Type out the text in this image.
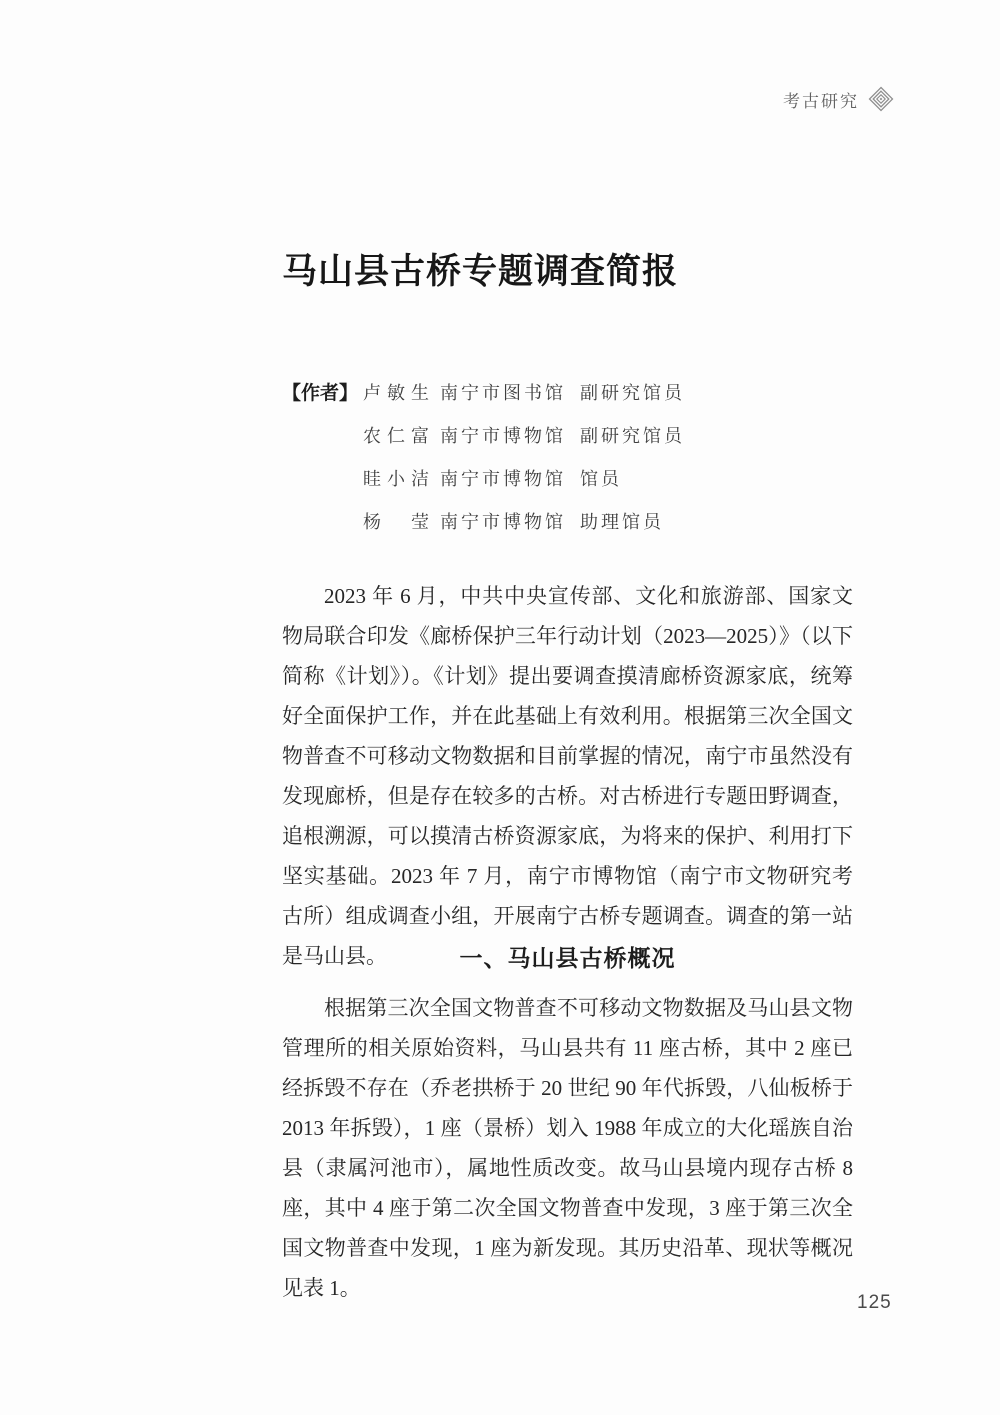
考古研究
马山县古桥专题调查简报
【作者】 卢敏生 南宁市图书馆 副研究馆员
农仁富 南宁市博物馆 副研究馆员
眭小洁 南宁市博物馆 馆员
杨　莹 南宁市博物馆 助理馆员

2023 年 6 月，中共中央宣传部、文化和旅游部、国家文物局联合印发《廊桥保护三年行动计划（2023—2025）》（以下简称《计划》）。《计划》提出要调查摸清廊桥资源家底，统筹好全面保护工作，并在此基础上有效利用。根据第三次全国文物普查不可移动文物数据和目前掌握的情况，南宁市虽然没有发现廊桥，但是存在较多的古桥。对古桥进行专题田野调查，追根溯源，可以摸清古桥资源家底，为将来的保护、利用打下坚实基础。2023 年 7 月，南宁市博物馆（南宁市文物研究考古所）组成调查小组，开展南宁古桥专题调查。调查的第一站是马山县。	一、马山县古桥概况

根据第三次全国文物普查不可移动文物数据及马山县文物管理所的相关原始资料，马山县共有 11 座古桥，其中 2 座已经拆毁不存在（乔老拱桥于 20 世纪 90 年代拆毁，八仙板桥于 2013 年拆毁），1 座（景桥）划入 1988 年成立的大化瑶族自治县（隶属河池市），属地性质改变。故马山县境内现存古桥 8 座，其中 4 座于第二次全国文物普查中发现，3 座于第三次全国文物普查中发现，1 座为新发现。其历史沿革、现状等概况见表 1。

125
